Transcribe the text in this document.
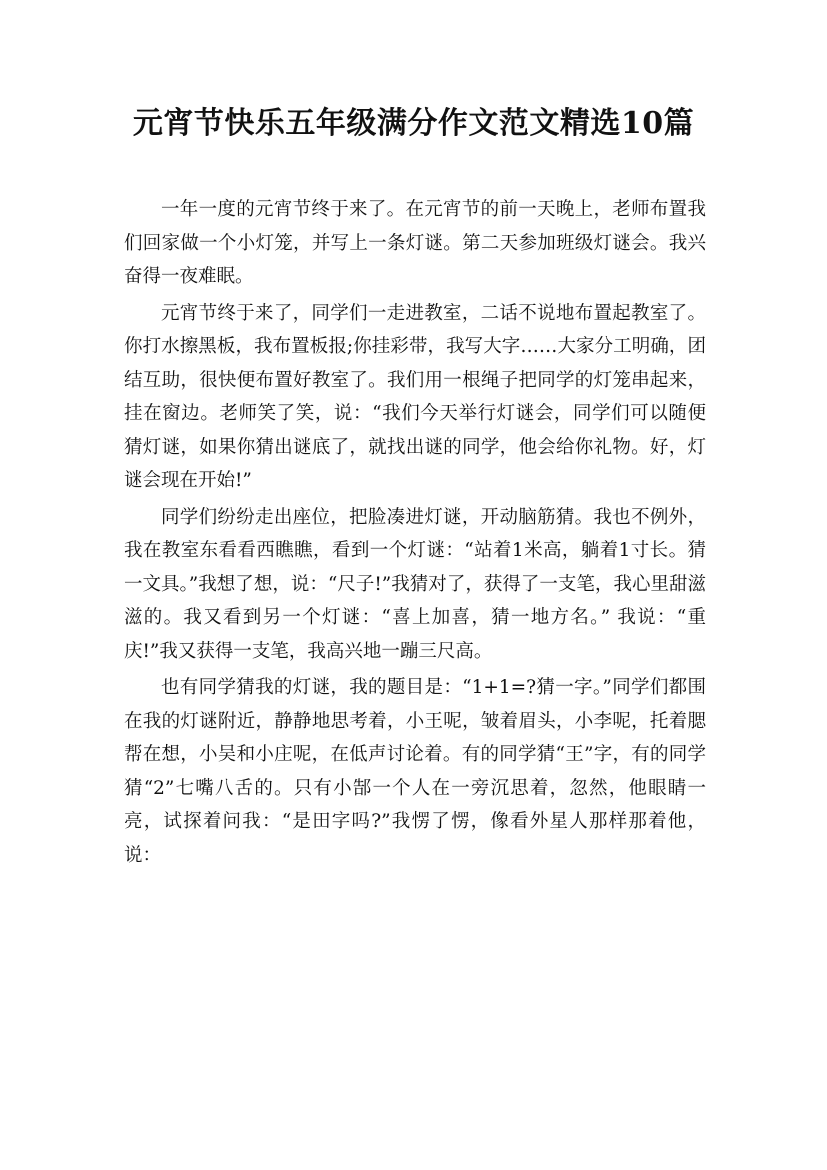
元宵节快乐五年级满分作文范文精选10篇

一年一度的元宵节终于来了。在元宵节的前一天晚上，老师布置我们回家做一个小灯笼，并写上一条灯谜。第二天参加班级灯谜会。我兴奋得一夜难眠。

元宵节终于来了，同学们一走进教室，二话不说地布置起教室了。你打水擦黑板，我布置板报;你挂彩带，我写大字……大家分工明确，团结互助，很快便布置好教室了。我们用一根绳子把同学的灯笼串起来，挂在窗边。老师笑了笑，说：“我们今天举行灯谜会，同学们可以随便猜灯谜，如果你猜出谜底了，就找出谜的同学，他会给你礼物。好，灯谜会现在开始!”

同学们纷纷走出座位，把脸凑进灯谜，开动脑筋猜。我也不例外，我在教室东看看西瞧瞧，看到一个灯谜：“站着1米高，躺着1寸长。猜一文具。”我想了想，说：“尺子!”我猜对了，获得了一支笔，我心里甜滋滋的。我又看到另一个灯谜：“喜上加喜，猜一地方名。” 我说：“重庆!”我又获得一支笔，我高兴地一蹦三尺高。

也有同学猜我的灯谜，我的题目是：“1+1=?猜一字。”同学们都围在我的灯谜附近，静静地思考着，小王呢，皱着眉头，小李呢，托着腮帮在想，小吴和小庄呢，在低声讨论着。有的同学猜“王”字，有的同学猜“2”七嘴八舌的。只有小郜一个人在一旁沉思着，忽然，他眼睛一亮，试探着问我：“是田字吗?”我愣了愣，像看外星人那样那着他，说：
